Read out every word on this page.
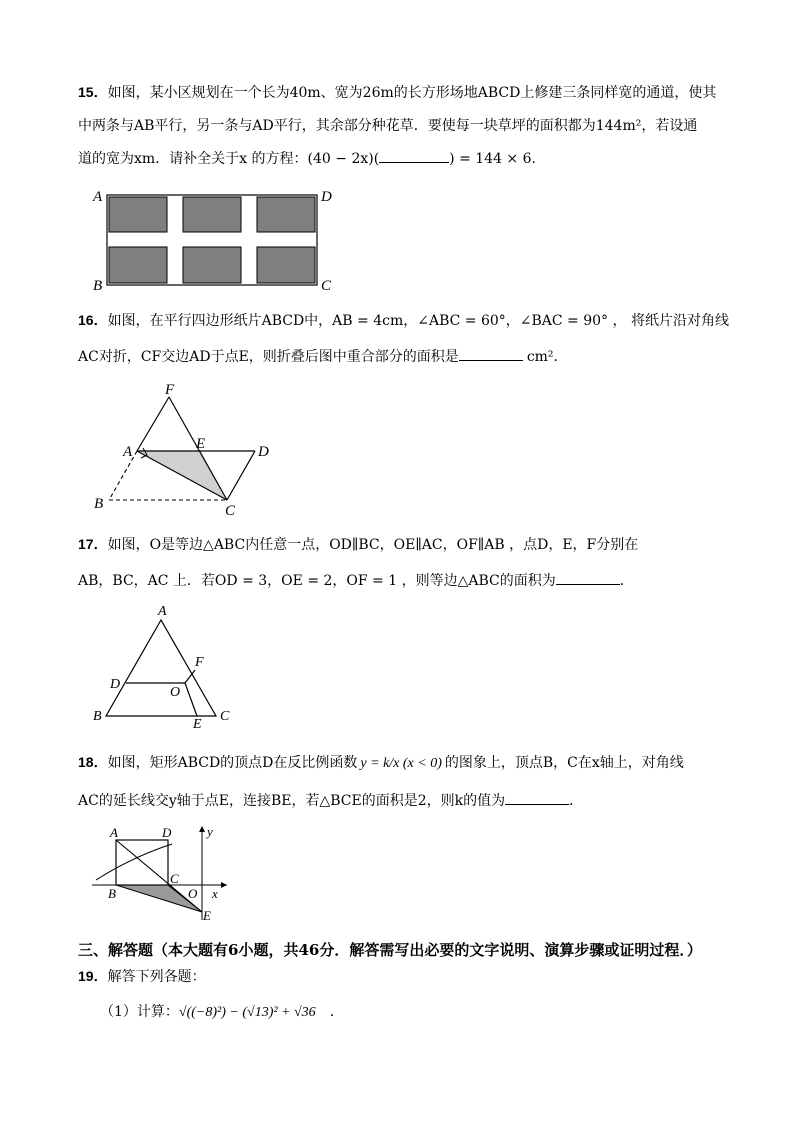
15．如图，某小区规划在一个长为40m、宽为26m的长方形场地ABCD上修建三条同样宽的通道，使其
中两条与AB平行，另一条与AD平行，其余部分种花草．要使每一块草坪的面积都为144m²，若设通
道的宽为xm．请补全关于x 的方程：(40 − 2x)(	) = 144 × 6．
A
B	C
D
16．如图，在平行四边形纸片ABCD中，AB = 4cm，∠ABC = 60°，∠BAC = 90° ， 将纸片沿对角线
AC对折，CF交边AD于点E，则折叠后图中重合部分的面积是	cm²．
F
A	E	D
B	C
17．如图，O是等边△ABC内任意一点，OD∥BC，OE∥AC，OF∥AB ，点D，E，F分别在
AB，BC，AC 上．若OD = 3，OE = 2，OF = 1 ，则等边△ABC的面积为	．
A
D
O
F
B
E
C
18．如图，矩形ABCD的顶点D在反比例函数 y = k/x (x < 0) 的图象上，顶点B，C在x轴上，对角线
AC的延长线交y轴于点E，连接BE，若△BCE的面积是2，则k的值为	．
A	D	y
C
B	O x
E
三、解答题（本大题有6小题，共46分．解答需写出必要的文字说明、演算步骤或证明过程．）
19．解答下列各题：
（1）计算：√((−8)²) − (√13)² + √36 ．
